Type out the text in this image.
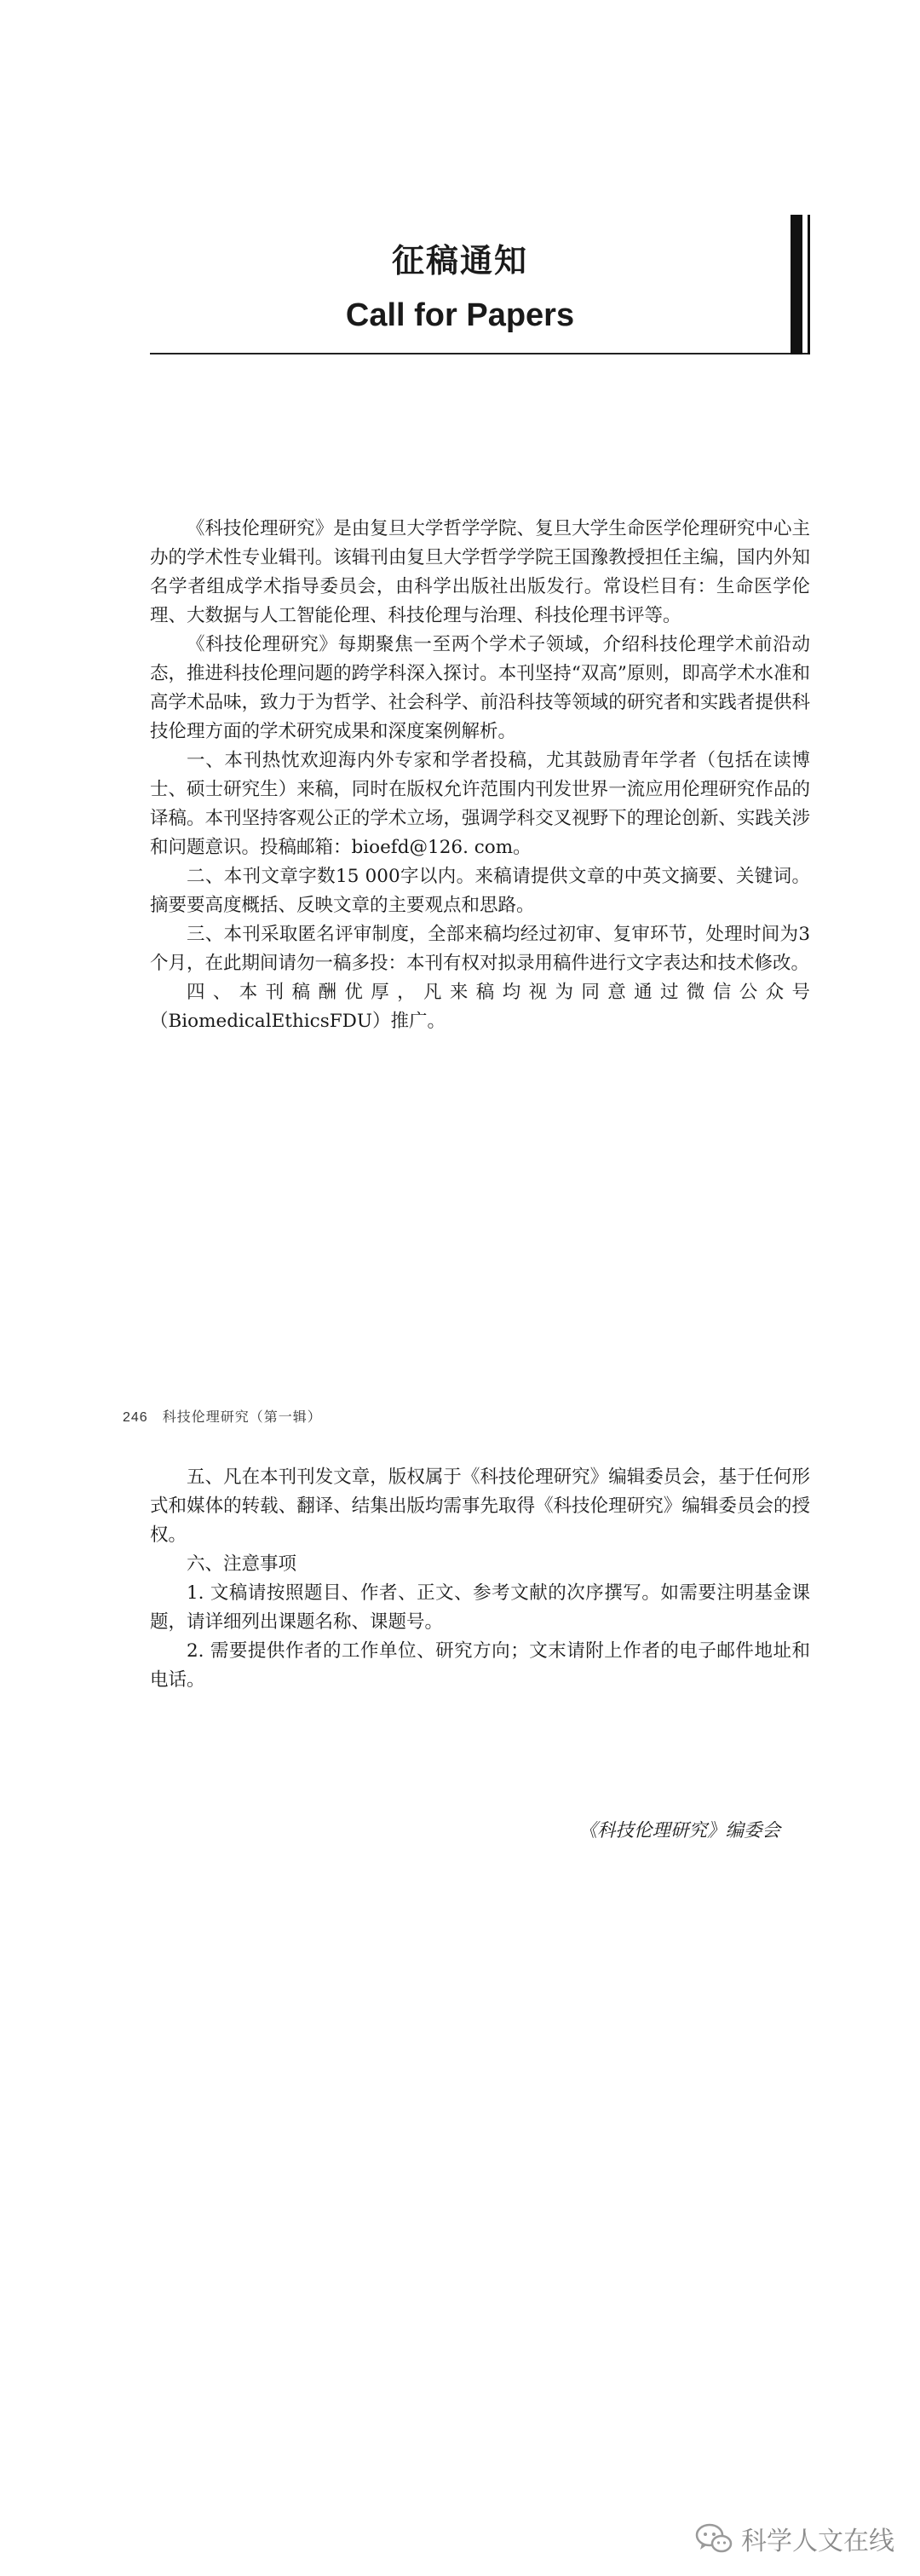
征稿通知
Call for Papers

《科技伦理研究》是由复旦大学哲学学院、复旦大学生命医学伦理研究中心主办的学术性专业辑刊。该辑刊由复旦大学哲学学院王国豫教授担任主编，国内外知名学者组成学术指导委员会，由科学出版社出版发行。常设栏目有：生命医学伦理、大数据与人工智能伦理、科技伦理与治理、科技伦理书评等。

《科技伦理研究》每期聚焦一至两个学术子领域，介绍科技伦理学术前沿动态，推进科技伦理问题的跨学科深入探讨。本刊坚持“双高”原则，即高学术水准和高学术品味，致力于为哲学、社会科学、前沿科技等领域的研究者和实践者提供科技伦理方面的学术研究成果和深度案例解析。

一、本刊热忱欢迎海内外专家和学者投稿，尤其鼓励青年学者（包括在读博士、硕士研究生）来稿，同时在版权允许范围内刊发世界一流应用伦理研究作品的译稿。本刊坚持客观公正的学术立场，强调学科交叉视野下的理论创新、实践关涉和问题意识。投稿邮箱：bioefd@126. com。

二、本刊文章字数15 000字以内。来稿请提供文章的中英文摘要、关键词。摘要要高度概括、反映文章的主要观点和思路。

三、本刊采取匿名评审制度，全部来稿均经过初审、复审环节，处理时间为3个月，在此期间请勿一稿多投：本刊有权对拟录用稿件进行文字表达和技术修改。

四、本刊稿酬优厚，凡来稿均视为同意通过微信公众号（BiomedicalEthicsFDU）推广。

246　科技伦理研究（第一辑）

五、凡在本刊刊发文章，版权属于《科技伦理研究》编辑委员会，基于任何形式和媒体的转载、翻译、结集出版均需事先取得《科技伦理研究》编辑委员会的授权。

六、注意事项

1. 文稿请按照题目、作者、正文、参考文献的次序撰写。如需要注明基金课题，请详细列出课题名称、课题号。

2. 需要提供作者的工作单位、研究方向；文末请附上作者的电子邮件地址和电话。

《科技伦理研究》编委会
科学人文在线
